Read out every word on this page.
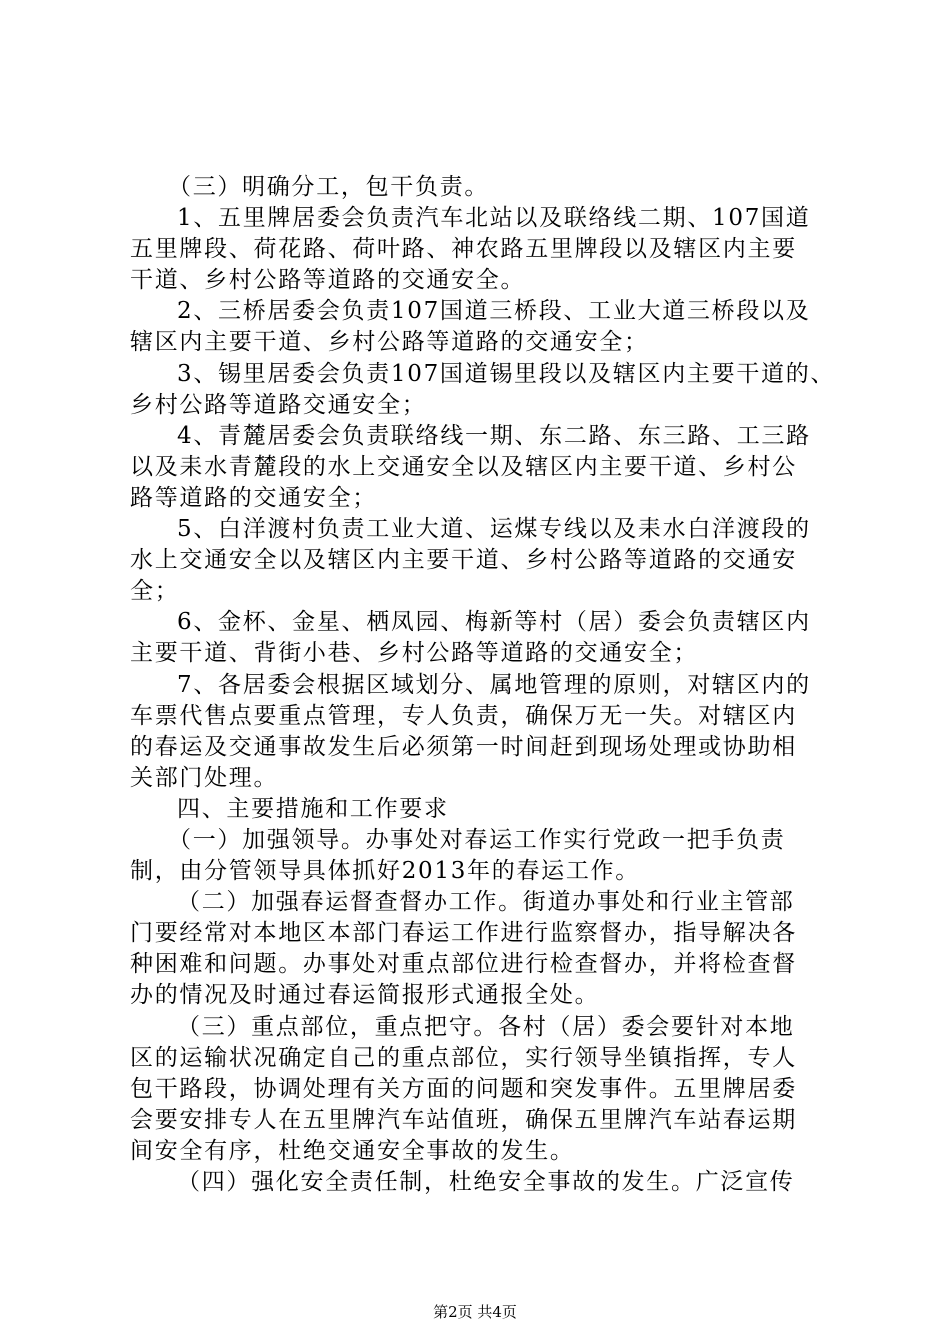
（三）明确分工，包干负责。
1、五里牌居委会负责汽车北站以及联络线二期、107国道
五里牌段、荷花路、荷叶路、神农路五里牌段以及辖区内主要
干道、乡村公路等道路的交通安全。
2、三桥居委会负责107国道三桥段、工业大道三桥段以及
辖区内主要干道、乡村公路等道路的交通安全；
3、锡里居委会负责107国道锡里段以及辖区内主要干道的、
乡村公路等道路交通安全；
4、青麓居委会负责联络线一期、东二路、东三路、工三路
以及耒水青麓段的水上交通安全以及辖区内主要干道、乡村公
路等道路的交通安全；
5、白洋渡村负责工业大道、运煤专线以及耒水白洋渡段的
水上交通安全以及辖区内主要干道、乡村公路等道路的交通安
全；
6、金杯、金星、栖凤园、梅新等村（居）委会负责辖区内
主要干道、背街小巷、乡村公路等道路的交通安全；
7、各居委会根据区域划分、属地管理的原则，对辖区内的
车票代售点要重点管理，专人负责，确保万无一失。对辖区内
的春运及交通事故发生后必须第一时间赶到现场处理或协助相
关部门处理。
四、主要措施和工作要求
（一）加强领导。办事处对春运工作实行党政一把手负责
制，由分管领导具体抓好2013年的春运工作。
（二）加强春运督查督办工作。街道办事处和行业主管部
门要经常对本地区本部门春运工作进行监察督办，指导解决各
种困难和问题。办事处对重点部位进行检查督办，并将检查督
办的情况及时通过春运简报形式通报全处。
（三）重点部位，重点把守。各村（居）委会要针对本地
区的运输状况确定自己的重点部位，实行领导坐镇指挥，专人
包干路段，协调处理有关方面的问题和突发事件。五里牌居委
会要安排专人在五里牌汽车站值班，确保五里牌汽车站春运期
间安全有序，杜绝交通安全事故的发生。
（四）强化安全责任制，杜绝安全事故的发生。广泛宣传
第2页 共4页
